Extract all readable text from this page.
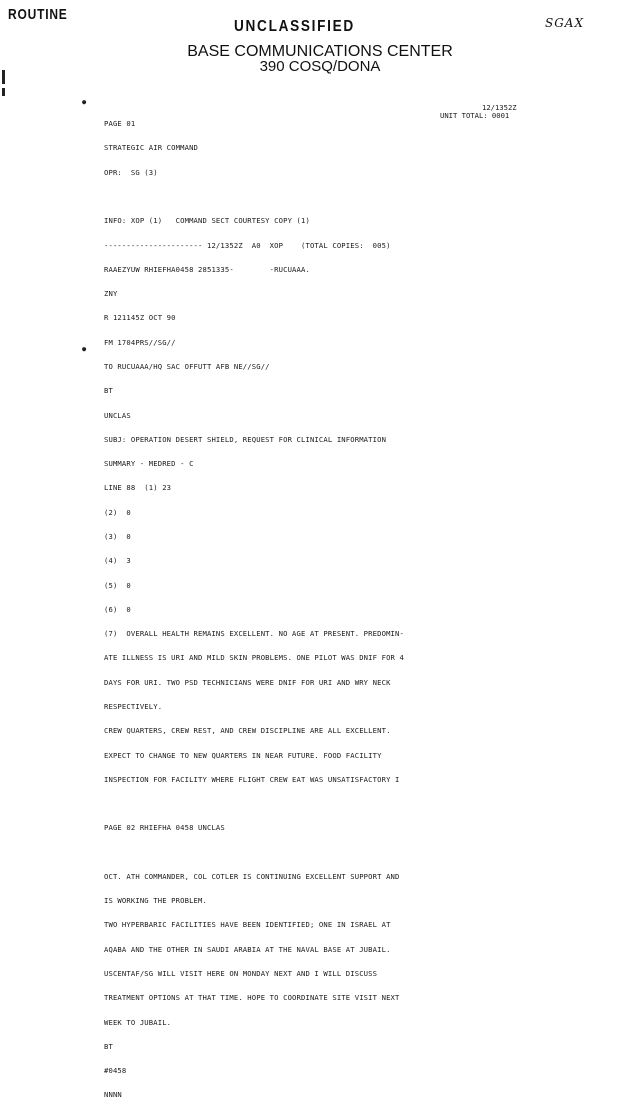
ROUTINE
UNCLASSIFIED	SGAX
BASE COMMUNICATIONS CENTER
390 COSQ/DONA
●
●
12/1352Z
UNIT TOTAL: 0001

PAGE 01

STRATEGIC AIR COMMAND

OPR:  SG (3)

INFO: XOP (1)   COMMAND SECT COURTESY COPY (1)

---------------------- 12/1352Z  A0  XOP    (TOTAL COPIES:  005)

RAAEZYUW RHIEFHA0458 2851335-        -RUCUAAA.

ZNY

R 121145Z OCT 90

FM 1704PRS//SG//

TO RUCUAAA/HQ SAC OFFUTT AFB NE//SG//

BT

UNCLAS

SUBJ: OPERATION DESERT SHIELD, REQUEST FOR CLINICAL INFORMATION

SUMMARY - MEDRED - C

LINE 88  (1) 23

(2)  0

(3)  0

(4)  3

(5)  0

(6)  0

(7)  OVERALL HEALTH REMAINS EXCELLENT. NO AGE AT PRESENT. PREDOMIN-

ATE ILLNESS IS URI AND MILD SKIN PROBLEMS. ONE PILOT WAS DNIF FOR 4

DAYS FOR URI. TWO PSD TECHNICIANS WERE DNIF FOR URI AND WRY NECK

RESPECTIVELY.

CREW QUARTERS, CREW REST, AND CREW DISCIPLINE ARE ALL EXCELLENT.

EXPECT TO CHANGE TO NEW QUARTERS IN NEAR FUTURE. FOOD FACILITY

INSPECTION FOR FACILITY WHERE FLIGHT CREW EAT WAS UNSATISFACTORY I

PAGE 02 RHIEFHA 0458 UNCLAS

OCT. ATH COMMANDER, COL COTLER IS CONTINUING EXCELLENT SUPPORT AND

IS WORKING THE PROBLEM.

TWO HYPERBARIC FACILITIES HAVE BEEN IDENTIFIED; ONE IN ISRAEL AT

AQABA AND THE OTHER IN SAUDI ARABIA AT THE NAVAL BASE AT JUBAIL.

USCENTAF/SG WILL VISIT HERE ON MONDAY NEXT AND I WILL DISCUSS

TREATMENT OPTIONS AT THAT TIME. HOPE TO COORDINATE SITE VISIT NEXT

WEEK TO JUBAIL.

BT

#0458

NNNN
